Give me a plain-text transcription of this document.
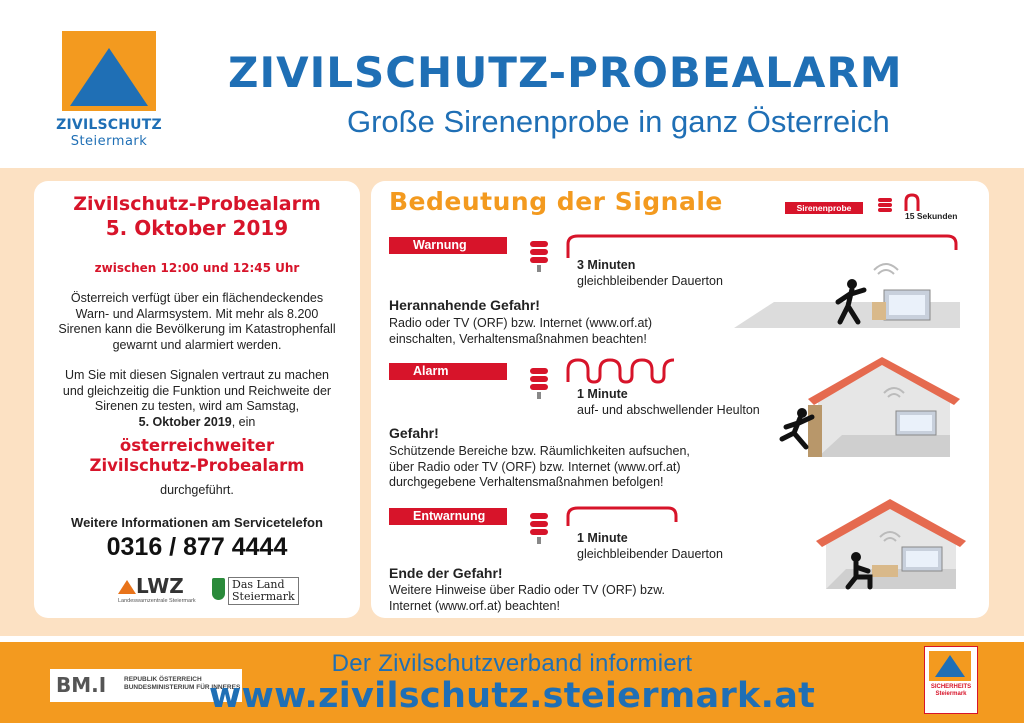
ZIVILSCHUTZ
Steiermark
ZIVILSCHUTZ-PROBEALARM
Große Sirenenprobe in ganz Österreich
Zivilschutz-Probealarm
5. Oktober 2019
zwischen 12:00 und 12:45 Uhr
Österreich verfügt über ein flächendeckendes Warn- und Alarmsystem. Mit mehr als 8.200 Sirenen kann die Bevölkerung im Katastrophenfall gewarnt und alarmiert werden.
Um Sie mit diesen Signalen vertraut zu machen und gleichzeitig die Funktion und Reichweite der Sirenen zu testen, wird am Samstag,
5. Oktober 2019, ein
österreichweiter
Zivilschutz-Probealarm
durchgeführt.
Weitere Informationen am Servicetelefon
0316 / 877 4444
LWZ
Landeswarnzentrale Steiermark
Das Land
Steiermark
Bedeutung der Signale	Sirenenprobe
15 Sekunden
Warnung
3 Minuten
gleichbleibender Dauerton
Herannahende Gefahr!
Radio oder TV (ORF) bzw. Internet (www.orf.at)
einschalten, Verhaltensmaßnahmen beachten!
Alarm
1 Minute
auf- und abschwellender Heulton
Gefahr!
Schützende Bereiche bzw. Räumlichkeiten aufsuchen,
über Radio oder TV (ORF) bzw. Internet (www.orf.at)
durchgegebene Verhaltensmaßnahmen befolgen!
Entwarnung
1 Minute
gleichbleibender Dauerton
Ende der Gefahr!
Weitere Hinweise über Radio oder TV (ORF) bzw.
Internet (www.orf.at) beachten!
BM.I	REPUBLIK ÖSTERREICH
BUNDESMINISTERIUM FÜR INNERES
Der Zivilschutzverband informiert
www.zivilschutz.steiermark.at	SICHERHEITS
Steiermark
